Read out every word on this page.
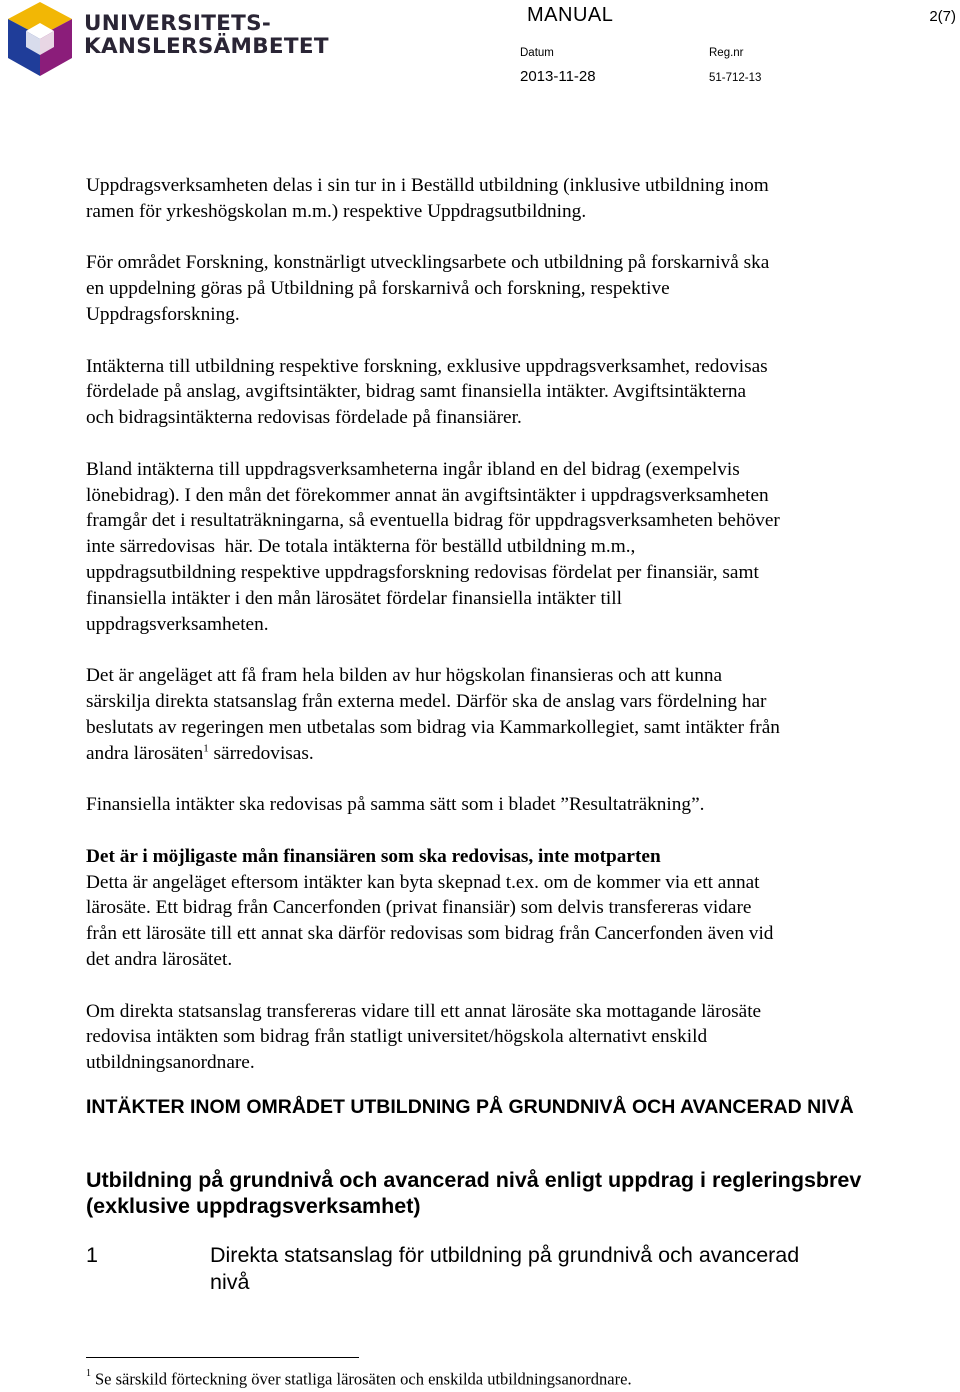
UNIVERSITETS-
KANSLERSÄMBETET
MANUAL	2(7)
Datum
2013-11-28
Reg.nr
51-712-13
Uppdragsverksamheten delas i sin tur in i Beställd utbildning (inklusive utbildning inom
ramen för yrkeshögskolan m.m.) respektive Uppdragsutbildning.
För området Forskning, konstnärligt utvecklingsarbete och utbildning på forskarnivå ska
en uppdelning göras på Utbildning på forskarnivå och forskning, respektive
Uppdragsforskning.
Intäkterna till utbildning respektive forskning, exklusive uppdragsverksamhet, redovisas
fördelade på anslag, avgiftsintäkter, bidrag samt finansiella intäkter. Avgiftsintäkterna
och bidragsintäkterna redovisas fördelade på finansiärer.
Bland intäkterna till uppdragsverksamheterna ingår ibland en del bidrag (exempelvis
lönebidrag). I den mån det förekommer annat än avgiftsintäkter i uppdragsverksamheten
framgår det i resultaträkningarna, så eventuella bidrag för uppdragsverksamheten behöver
inte särredovisas  här. De totala intäkterna för beställd utbildning m.m.,
uppdragsutbildning respektive uppdragsforskning redovisas fördelat per finansiär, samt
finansiella intäkter i den mån lärosätet fördelar finansiella intäkter till
uppdragsverksamheten.
Det är angeläget att få fram hela bilden av hur högskolan finansieras och att kunna
särskilja direkta statsanslag från externa medel. Därför ska de anslag vars fördelning har
beslutats av regeringen men utbetalas som bidrag via Kammarkollegiet, samt intäkter från
andra lärosäten$^1$ särredovisas.
Finansiella intäkter ska redovisas på samma sätt som i bladet ”Resultaträkning”.
Det är i möjligaste mån finansiären som ska redovisas, inte motparten
Detta är angeläget eftersom intäkter kan byta skepnad t.ex. om de kommer via ett annat
lärosäte. Ett bidrag från Cancerfonden (privat finansiär) som delvis transfereras vidare
från ett lärosäte till ett annat ska därför redovisas som bidrag från Cancerfonden även vid
det andra lärosätet.
Om direkta statsanslag transfereras vidare till ett annat lärosäte ska mottagande lärosäte
redovisa intäkten som bidrag från statligt universitet/högskola alternativt enskild
utbildningsanordnare.
INTÄKTER INOM OMRÅDET UTBILDNING PÅ GRUNDNIVÅ OCH AVANCERAD NIVÅ
Utbildning på grundnivå och avancerad nivå enligt uppdrag i regleringsbrev (exklusive uppdragsverksamhet)
1	Direkta statsanslag för utbildning på grundnivå och avancerad nivå
$^1$ Se särskild förteckning över statliga lärosäten och enskilda utbildningsanordnare.
